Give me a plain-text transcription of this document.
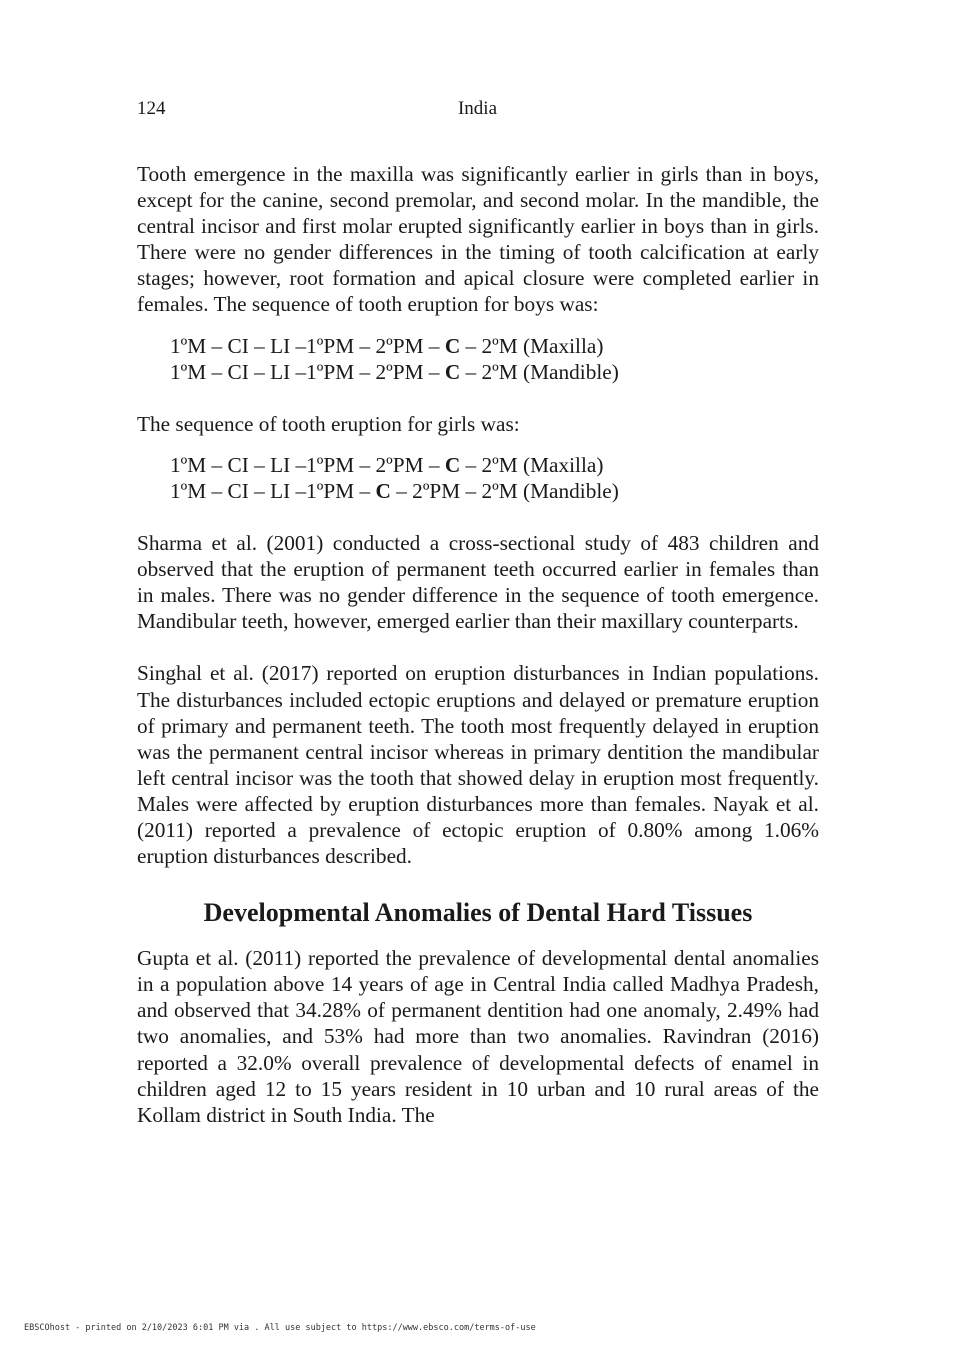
124	India

Tooth emergence in the maxilla was significantly earlier in girls than in boys, except for the canine, second premolar, and second molar. In the mandible, the central incisor and first molar erupted significantly earlier in boys than in girls. There were no gender differences in the timing of tooth calcification at early stages; however, root formation and apical closure were completed earlier in females. The sequence of tooth eruption for boys was:

1ºM – CI – LI –1ºPM – 2ºPM – C – 2ºM (Maxilla)
1ºM – CI – LI –1ºPM – 2ºPM – C – 2ºM (Mandible)

The sequence of tooth eruption for girls was:

1ºM – CI – LI –1ºPM – 2ºPM – C – 2ºM (Maxilla)
1ºM – CI – LI –1ºPM – C – 2ºPM – 2ºM (Mandible)

Sharma et al. (2001) conducted a cross-sectional study of 483 children and observed that the eruption of permanent teeth occurred earlier in females than in males. There was no gender difference in the sequence of tooth emergence. Mandibular teeth, however, emerged earlier than their maxillary counterparts.

Singhal et al. (2017) reported on eruption disturbances in Indian populations. The disturbances included ectopic eruptions and delayed or premature eruption of primary and permanent teeth. The tooth most frequently delayed in eruption was the permanent central incisor whereas in primary dentition the mandibular left central incisor was the tooth that showed delay in eruption most frequently. Males were affected by eruption disturbances more than females. Nayak et al. (2011) reported a prevalence of ectopic eruption of 0.80% among 1.06% eruption disturbances described.

Developmental Anomalies of Dental Hard Tissues

Gupta et al. (2011) reported the prevalence of developmental dental anomalies in a population above 14 years of age in Central India called Madhya Pradesh, and observed that 34.28% of permanent dentition had one anomaly, 2.49% had two anomalies, and 53% had more than two anomalies. Ravindran (2016) reported a 32.0% overall prevalence of developmental defects of enamel in children aged 12 to 15 years resident in 10 urban and 10 rural areas of the Kollam district in South India. The

EBSCOhost - printed on 2/10/2023 6:01 PM via . All use subject to https://www.ebsco.com/terms-of-use
